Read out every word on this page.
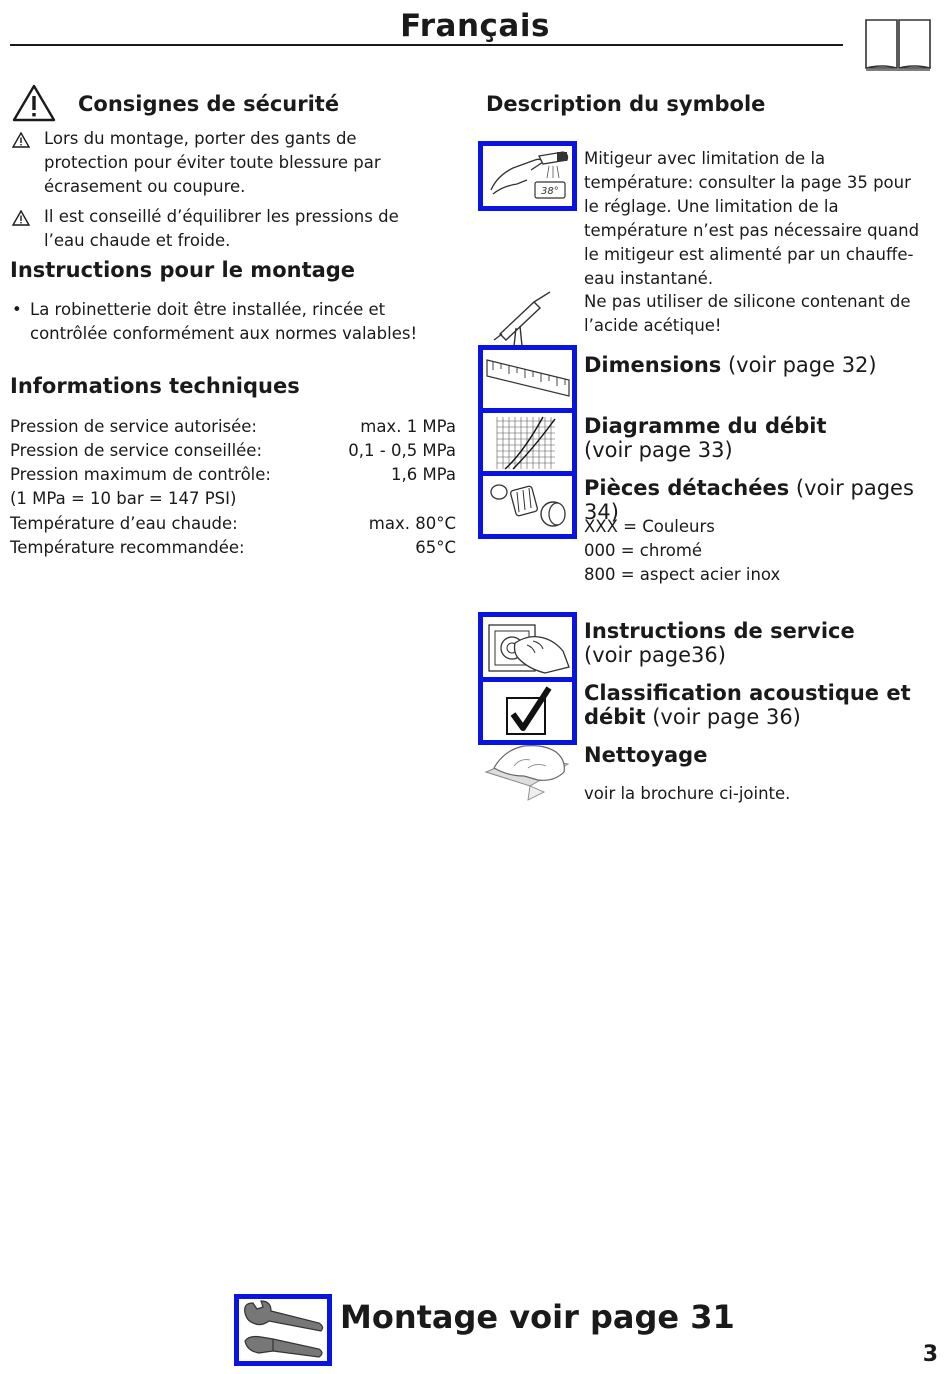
Français
Consignes de sécurité
Lors du montage, porter des gants de protection pour éviter toute blessure par écrasement ou coupure.
Il est conseillé d’équilibrer les pressions de l’eau chaude et froide.
Instructions pour le montage
• La robinetterie doit être installée, rincée et contrôlée conformément aux normes valables!
Informations techniques
Pression de service autorisée:	max. 1 MPa
Pression de service conseillée:	0,1 - 0,5 MPa
Pression maximum de contrôle:	1,6 MPa
(1 MPa = 10 bar = 147 PSI)
Température d’eau chaude:	max. 80°C
Température recommandée:	65°C
Description du symbole
38°
Mitigeur avec limitation de la température: consulter la page 35 pour le réglage. Une limitation de la température n’est pas nécessaire quand le mitigeur est alimenté par un chauffe-eau instantané.
Ne pas utiliser de silicone contenant de l’acide acétique!
Dimensions (voir page 32)
Diagramme du débit
(voir page 33)
Pièces détachées (voir pages 34)
XXX = Couleurs
000 = chromé
800 = aspect acier inox
Instructions de service (voir page36)
Classification acoustique et débit (voir page 36)
Nettoyage
voir la brochure ci-jointe.
Montage voir page 31
3
